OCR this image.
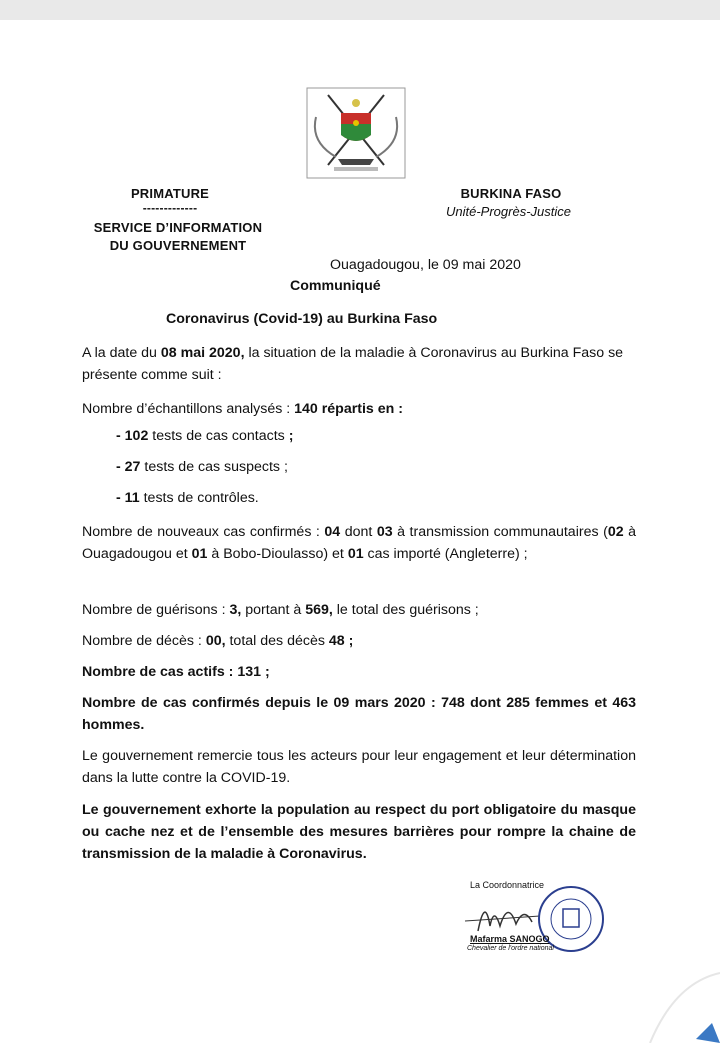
PRIMATURE
-------------
SERVICE D’INFORMATION
DU GOUVERNEMENT
BURKINA FASO
Unité-Progrès-Justice
Ouagadougou, le 09 mai 2020
Communiqué
Coronavirus (Covid-19) au Burkina Faso
A la date du 08 mai 2020, la situation de la maladie à Coronavirus au Burkina Faso se présente comme suit :
Nombre d’échantillons analysés : 140 répartis en :
- 102 tests de cas contacts ;
- 27 tests de cas suspects ;
- 11 tests de contrôles.
Nombre de nouveaux cas confirmés : 04 dont 03 à transmission communautaires (02 à Ouagadougou et 01 à Bobo-Dioulasso) et 01 cas importé (Angleterre) ;
Nombre de guérisons : 3, portant à 569, le total des guérisons ;
Nombre de décès : 00, total des décès 48 ;
Nombre de cas actifs : 131 ;
Nombre de cas confirmés depuis le 09 mars 2020 : 748 dont 285 femmes et 463 hommes.
Le gouvernement remercie tous les acteurs pour leur engagement et leur détermination dans la lutte contre la COVID-19.
Le gouvernement exhorte la population au respect du port obligatoire du masque ou cache nez et de l’ensemble des mesures barrières pour rompre la chaine de transmission de la maladie à Coronavirus.
La Coordonnatrice
Mafarma SANOGO
Chevalier de l'ordre national
